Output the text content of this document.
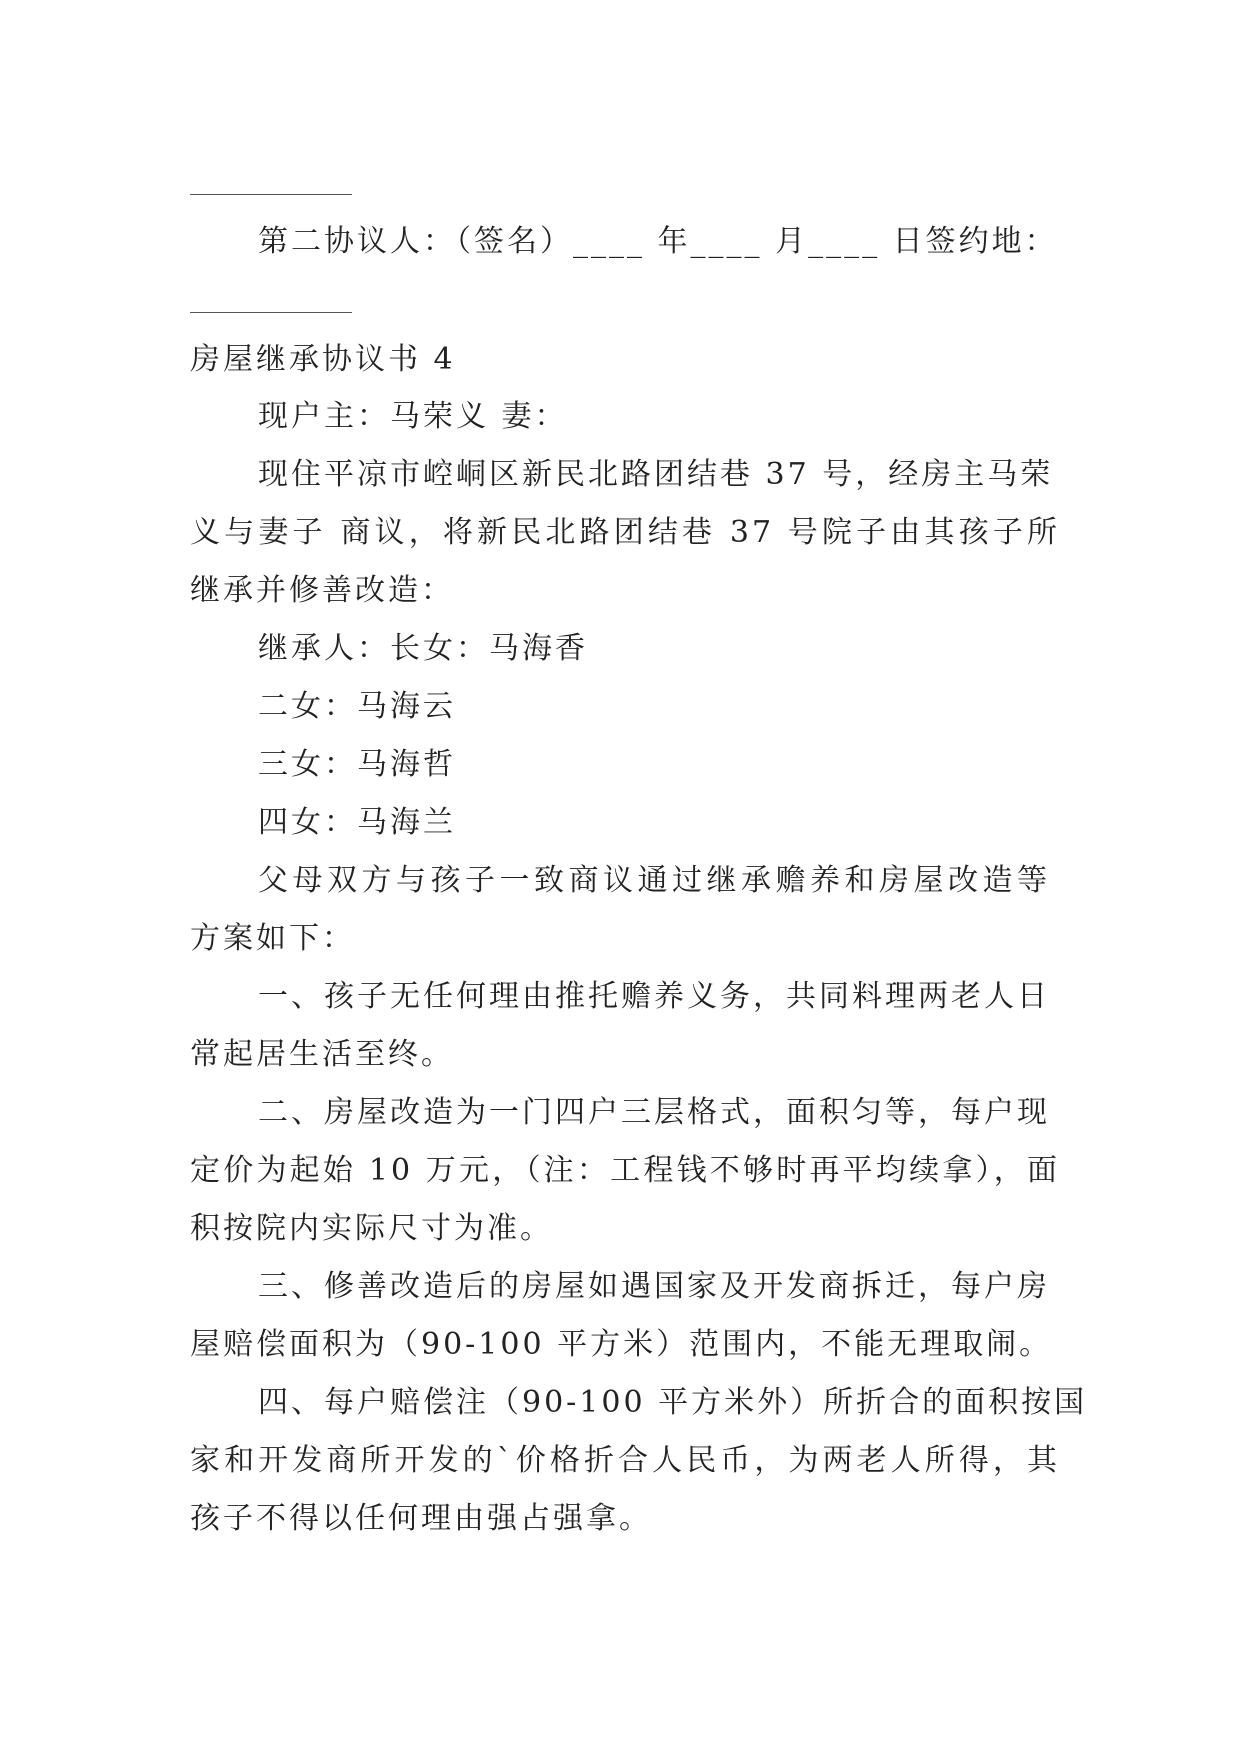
第二协议人：（签名）____ 年____ 月____ 日签约地：
房屋继承协议书 4
现户主：马荣义 妻：
现住平凉市崆峒区新民北路团结巷 37 号，经房主马荣
义与妻子 商议，将新民北路团结巷 37 号院子由其孩子所
继承并修善改造：
继承人：长女：马海香
二女：马海云
三女：马海哲
四女：马海兰
父母双方与孩子一致商议通过继承赡养和房屋改造等
方案如下：
一、孩子无任何理由推托赡养义务，共同料理两老人日
常起居生活至终。
二、房屋改造为一门四户三层格式，面积匀等，每户现
定价为起始 10 万元，（注：工程钱不够时再平均续拿），面
积按院内实际尺寸为准。
三、修善改造后的房屋如遇国家及开发商拆迁，每户房
屋赔偿面积为（90-100 平方米）范围内，不能无理取闹。
四、每户赔偿注（90-100 平方米外）所折合的面积按国
家和开发商所开发的`价格折合人民币，为两老人所得，其
孩子不得以任何理由强占强拿。
